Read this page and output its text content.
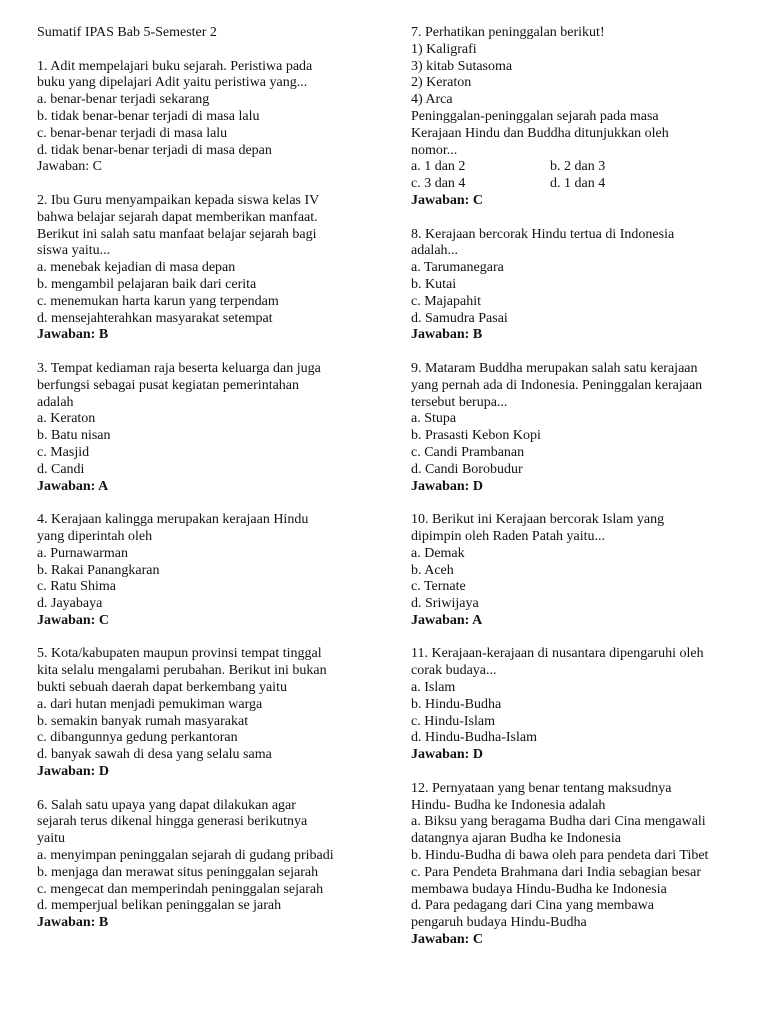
Sumatif IPAS Bab 5-Semester 2
1. Adit mempelajari buku sejarah. Peristiwa pada
buku yang dipelajari Adit yaitu peristiwa yang...
a. benar-benar terjadi sekarang
b. tidak benar-benar terjadi di masa lalu
c. benar-benar terjadi di masa lalu
d. tidak benar-benar terjadi di masa depan
Jawaban: C
2. Ibu Guru menyampaikan kepada siswa kelas IV
bahwa belajar sejarah dapat memberikan manfaat.
Berikut ini salah satu manfaat belajar sejarah bagi
siswa yaitu...
a. menebak kejadian di masa depan
b. mengambil pelajaran baik dari cerita
c. menemukan harta karun yang terpendam
d. mensejahterahkan masyarakat setempat
Jawaban: B
3. Tempat kediaman raja beserta keluarga dan juga
berfungsi sebagai pusat kegiatan pemerintahan
adalah
a. Keraton
b. Batu nisan
c. Masjid
d. Candi
Jawaban: A
4. Kerajaan kalingga merupakan kerajaan Hindu
yang diperintah oleh
a. Purnawarman
b. Rakai Panangkaran
c. Ratu Shima
d. Jayabaya
Jawaban: C
5. Kota/kabupaten maupun provinsi tempat tinggal
kita selalu mengalami perubahan. Berikut ini bukan
bukti sebuah daerah dapat berkembang yaitu
a. dari hutan menjadi pemukiman warga
b. semakin banyak rumah masyarakat
c. dibangunnya gedung perkantoran
d. banyak sawah di desa yang selalu sama
Jawaban: D
6. Salah satu upaya yang dapat dilakukan agar
sejarah terus dikenal hingga generasi berikutnya
yaitu
a. menyimpan peninggalan sejarah di gudang pribadi
b. menjaga dan merawat situs peninggalan sejarah
c. mengecat dan memperindah peninggalan sejarah
d. memperjual belikan peninggalan se jarah
Jawaban: B
7. Perhatikan peninggalan berikut!
1) Kaligrafi
3) kitab Sutasoma
2) Keraton
4) Arca
Peninggalan-peninggalan sejarah pada masa
Kerajaan Hindu dan Buddha ditunjukkan oleh
nomor...
a. 1 dan 2	b. 2 dan 3
c. 3 dan 4	d. 1 dan 4
Jawaban: C
8. Kerajaan bercorak Hindu tertua di Indonesia
adalah...
a. Tarumanegara
b. Kutai
c. Majapahit
d. Samudra Pasai
Jawaban: B
9. Mataram Buddha merupakan salah satu kerajaan
yang pernah ada di Indonesia. Peninggalan kerajaan
tersebut berupa...
a. Stupa
b. Prasasti Kebon Kopi
c. Candi Prambanan
d. Candi Borobudur
Jawaban: D
10. Berikut ini Kerajaan bercorak Islam yang
dipimpin oleh Raden Patah yaitu...
a. Demak
b. Aceh
c. Ternate
d. Sriwijaya
Jawaban: A
11. Kerajaan-kerajaan di nusantara dipengaruhi oleh
corak budaya...
a. Islam
b. Hindu-Budha
c. Hindu-Islam
d. Hindu-Budha-Islam
Jawaban: D
12. Pernyataan yang benar tentang maksudnya
Hindu- Budha ke Indonesia adalah
a. Biksu yang beragama Budha dari Cina mengawali
datangnya ajaran Budha ke Indonesia
b. Hindu-Budha di bawa oleh para pendeta dari Tibet
c. Para Pendeta Brahmana dari India sebagian besar
membawa budaya Hindu-Budha ke Indonesia
d. Para pedagang dari Cina yang membawa
pengaruh budaya Hindu-Budha
Jawaban: C
